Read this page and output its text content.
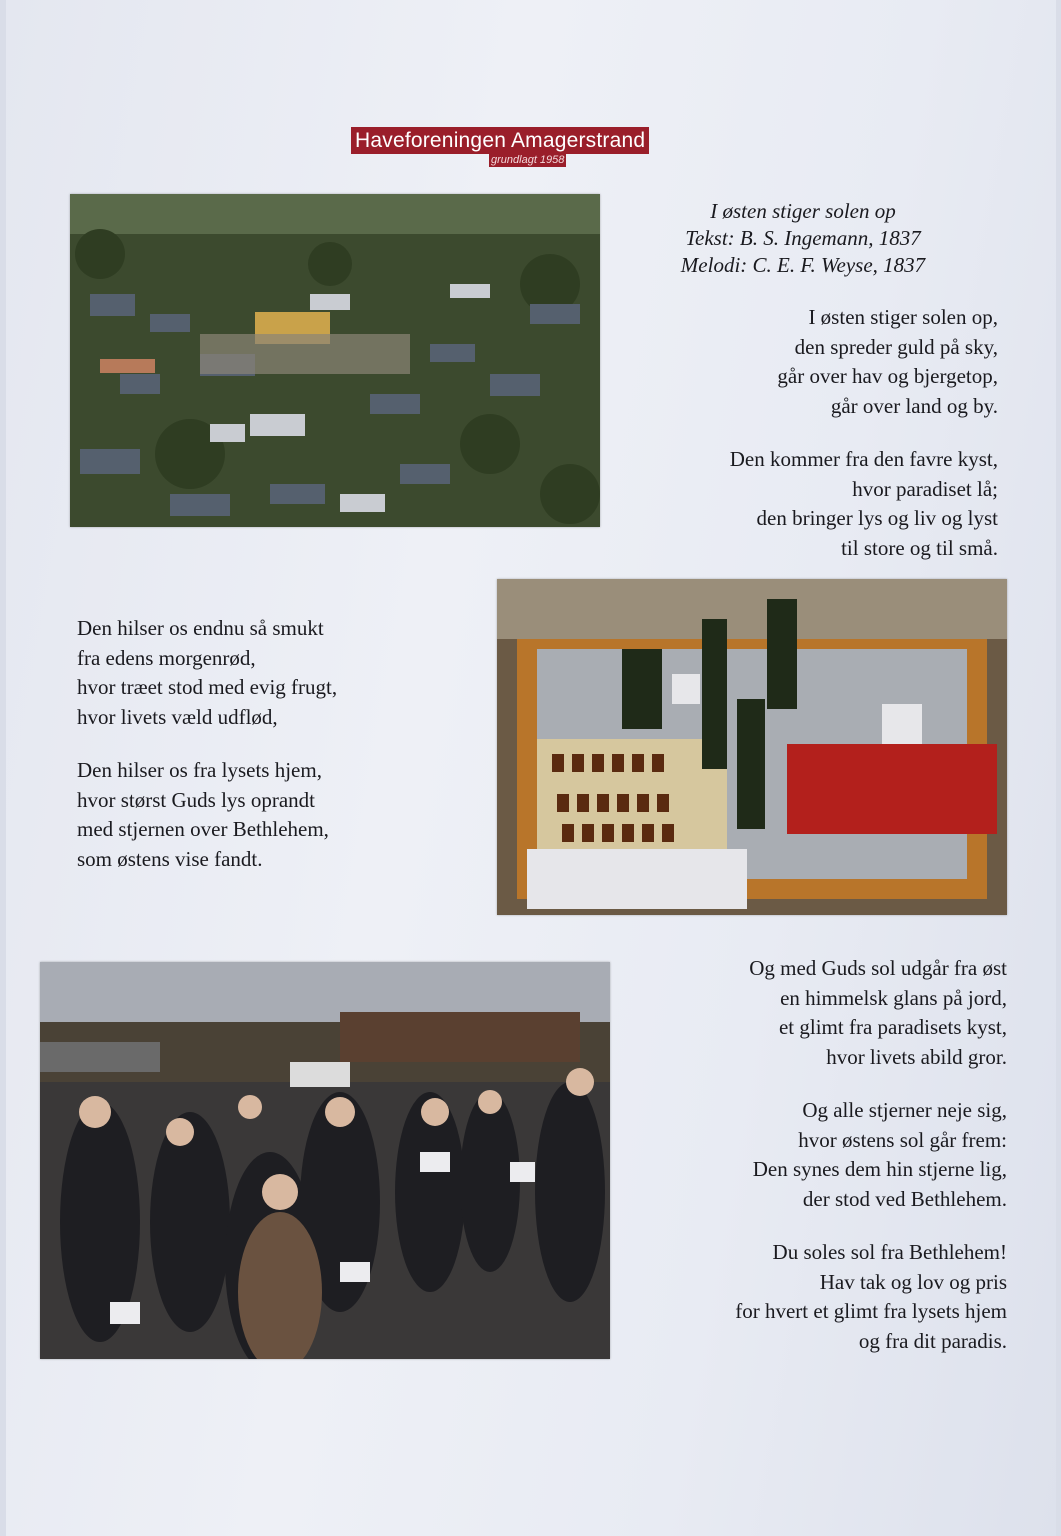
Haveforeningen Amagerstrand
grundlagt 1958

I østen stiger solen op

Tekst: B. S. Ingemann, 1837

Melodi: C. E. F. Weyse, 1837

I østen stiger solen op,

den spreder guld på sky,

går over hav og bjergetop,

går over land og by.

Den kommer fra den favre kyst,

hvor paradiset lå;

den bringer lys og liv og lyst

til store og til små.

Den hilser os endnu så smukt

fra edens morgenrød,

hvor træet stod med evig frugt,

hvor livets væld udflød,

Den hilser os fra lysets hjem,

hvor størst Guds lys oprandt

med stjernen over Bethlehem,

som østens vise fandt.

Og med Guds sol udgår fra øst

en himmelsk glans på jord,

et glimt fra paradisets kyst,

hvor livets abild gror.

Og alle stjerner neje sig,

hvor østens sol går frem:

Den synes dem hin stjerne lig,

der stod ved Bethlehem.

Du soles sol fra Bethlehem!

Hav tak og lov og pris

for hvert et glimt fra lysets hjem

og fra dit paradis.
